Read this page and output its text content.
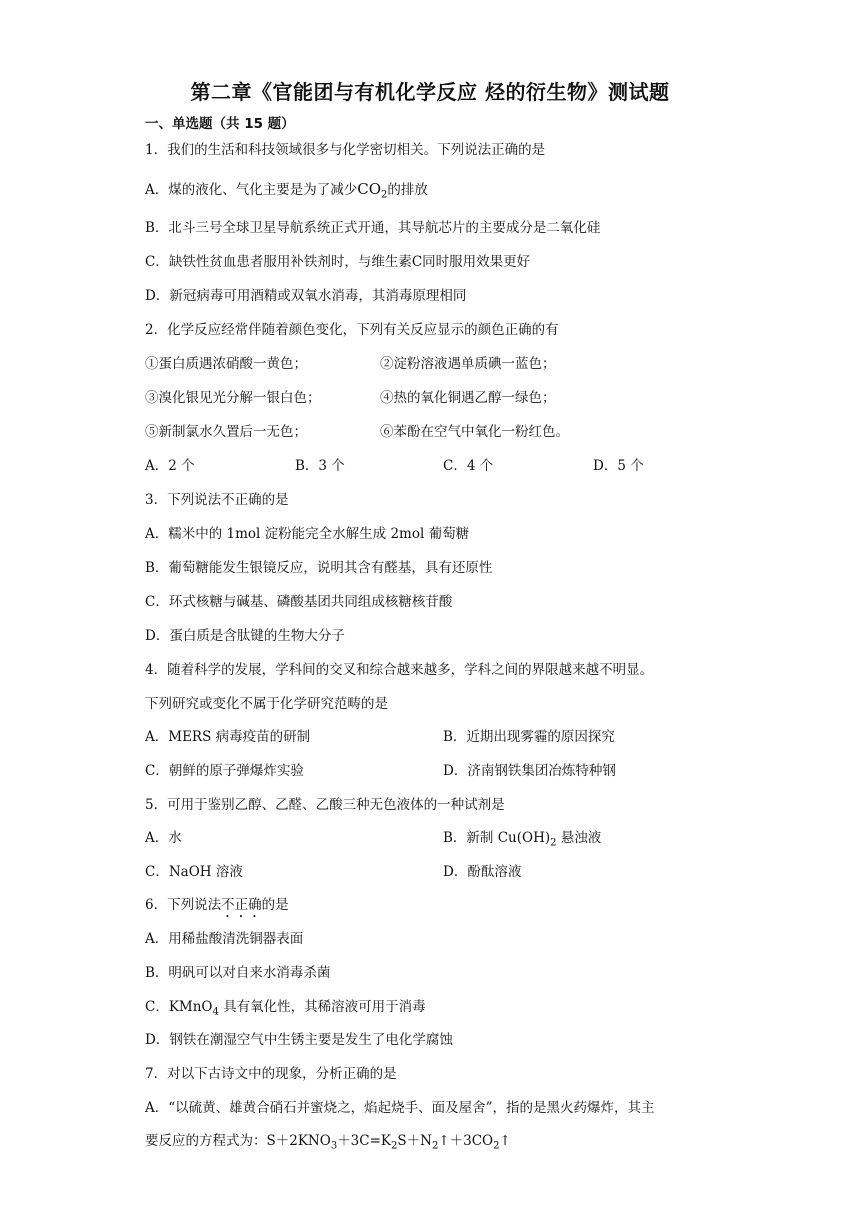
第二章《官能团与有机化学反应 烃的衍生物》测试题
一、单选题（共 15 题）
1．我们的生活和科技领域很多与化学密切相关。下列说法正确的是
A．煤的液化、气化主要是为了减少$CO_2$的排放
B．北斗三号全球卫星导航系统正式开通，其导航芯片的主要成分是二氧化硅
C．缺铁性贫血患者服用补铁剂时，与维生素C同时服用效果更好
D．新冠病毒可用酒精或双氧水消毒，其消毒原理相同
2．化学反应经常伴随着颜色变化，下列有关反应显示的颜色正确的有
①蛋白质遇浓硝酸一黄色；	②淀粉溶液遇单质碘一蓝色；
③溴化银见光分解一银白色；	④热的氧化铜遇乙醇一绿色；
⑤新制氯水久置后一无色；	⑥苯酚在空气中氧化一粉红色。
A．2 个	B．3 个	C．4 个	D．5 个
3．下列说法不正确的是
A．糯米中的 1mol 淀粉能完全水解生成 2mol 葡萄糖
B．葡萄糖能发生银镜反应，说明其含有醛基，具有还原性
C．环式核糖与碱基、磷酸基团共同组成核糖核苷酸
D．蛋白质是含肽键的生物大分子
4．随着科学的发展，学科间的交叉和综合越来越多，学科之间的界限越来越不明显。
下列研究或变化不属于化学研究范畴的是
A．MERS 病毒疫苗的研制	B．近期出现雾霾的原因探究
C．朝鲜的原子弹爆炸实验	D．济南钢铁集团冶炼特种钢
5．可用于鉴别乙醇、乙醛、乙酸三种无色液体的一种试剂是
A．水	B．新制 $Cu(OH)_2$ 悬浊液
C．NaOH 溶液	D．酚酞溶液
6．下列说法不正确的是
A．用稀盐酸清洗铜器表面
B．明矾可以对自来水消毒杀菌
C．KMnO$_4$ 具有氧化性，其稀溶液可用于消毒
D．钢铁在潮湿空气中生锈主要是发生了电化学腐蚀
7．对以下古诗文中的现象，分析正确的是
A．“以硫黄、雄黄合硝石并蜜烧之，焰起烧手、面及屋舍”，指的是黑火药爆炸，其主
要反应的方程式为：$S+2KNO_3+3C=K_2S+N_2↑+3CO_2↑$
